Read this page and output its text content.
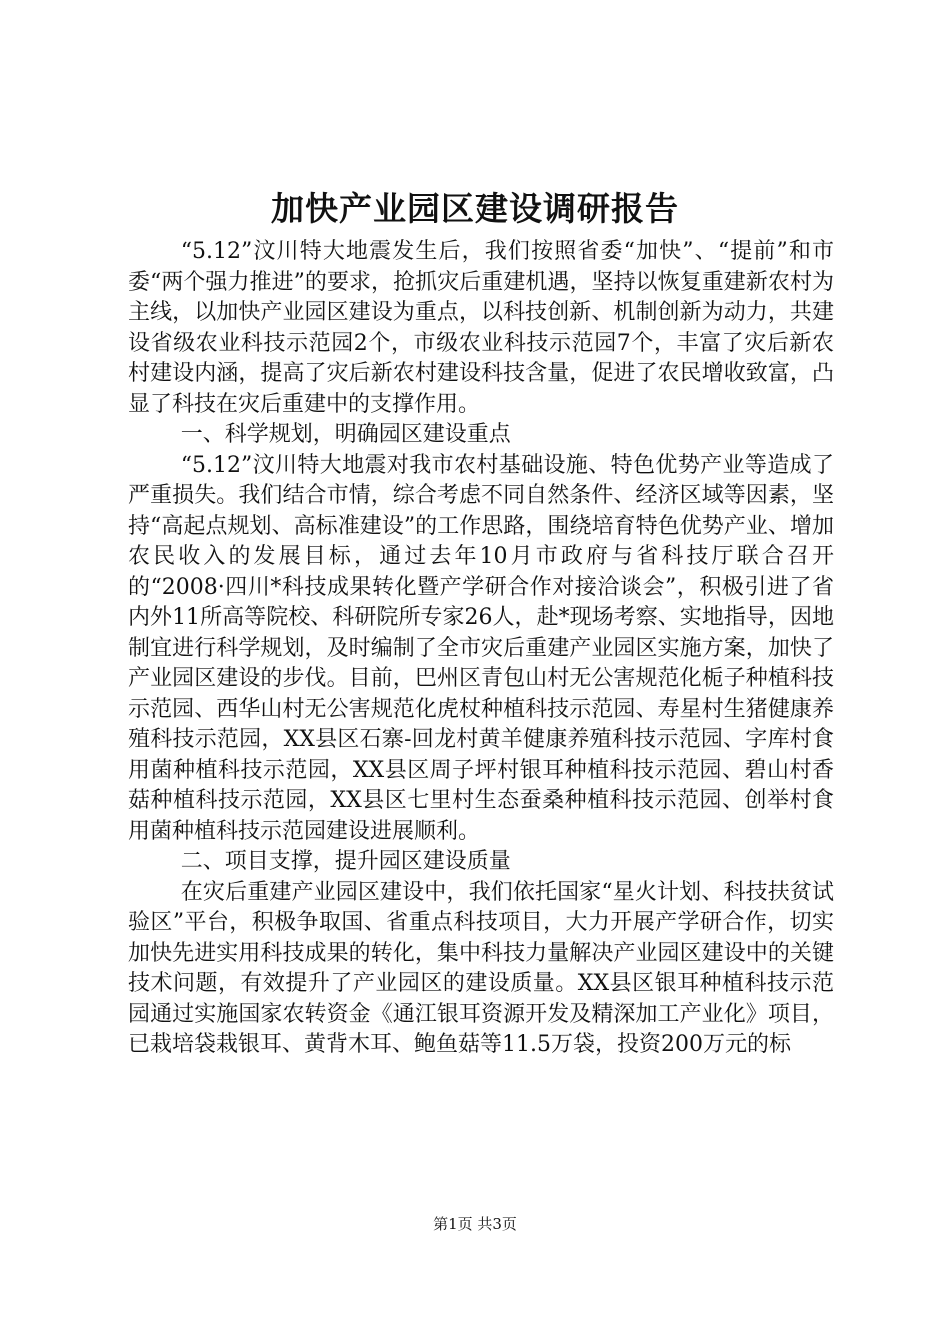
加快产业园区建设调研报告

“5.12”汶川特大地震发生后，我们按照省委“加快”、“提前”和市委“两个强力推进”的要求，抢抓灾后重建机遇，坚持以恢复重建新农村为主线，以加快产业园区建设为重点，以科技创新、机制创新为动力，共建设省级农业科技示范园2个，市级农业科技示范园7个，丰富了灾后新农村建设内涵，提高了灾后新农村建设科技含量，促进了农民增收致富，凸显了科技在灾后重建中的支撑作用。

一、科学规划，明确园区建设重点

“5.12”汶川特大地震对我市农村基础设施、特色优势产业等造成了严重损失。我们结合市情，综合考虑不同自然条件、经济区域等因素，坚持“高起点规划、高标准建设”的工作思路，围绕培育特色优势产业、增加农民收入的发展目标，通过去年10月市政府与省科技厅联合召开的“2008·四川*科技成果转化暨产学研合作对接洽谈会”，积极引进了省内外11所高等院校、科研院所专家26人，赴*现场考察、实地指导，因地制宜进行科学规划，及时编制了全市灾后重建产业园区实施方案，加快了产业园区建设的步伐。目前，巴州区青包山村无公害规范化栀子种植科技示范园、西华山村无公害规范化虎杖种植科技示范园、寿星村生猪健康养殖科技示范园，XX县区石寨-回龙村黄羊健康养殖科技示范园、字库村食用菌种植科技示范园，XX县区周子坪村银耳种植科技示范园、碧山村香菇种植科技示范园，XX县区七里村生态蚕桑种植科技示范园、创举村食用菌种植科技示范园建设进展顺利。

二、项目支撑，提升园区建设质量

在灾后重建产业园区建设中，我们依托国家“星火计划、科技扶贫试验区”平台，积极争取国、省重点科技项目，大力开展产学研合作，切实加快先进实用科技成果的转化，集中科技力量解决产业园区建设中的关键技术问题，有效提升了产业园区的建设质量。XX县区银耳种植科技示范园通过实施国家农转资金《通江银耳资源开发及精深加工产业化》项目，已栽培袋栽银耳、黄背木耳、鲍鱼菇等11.5万袋，投资200万元的标

第1页 共3页
